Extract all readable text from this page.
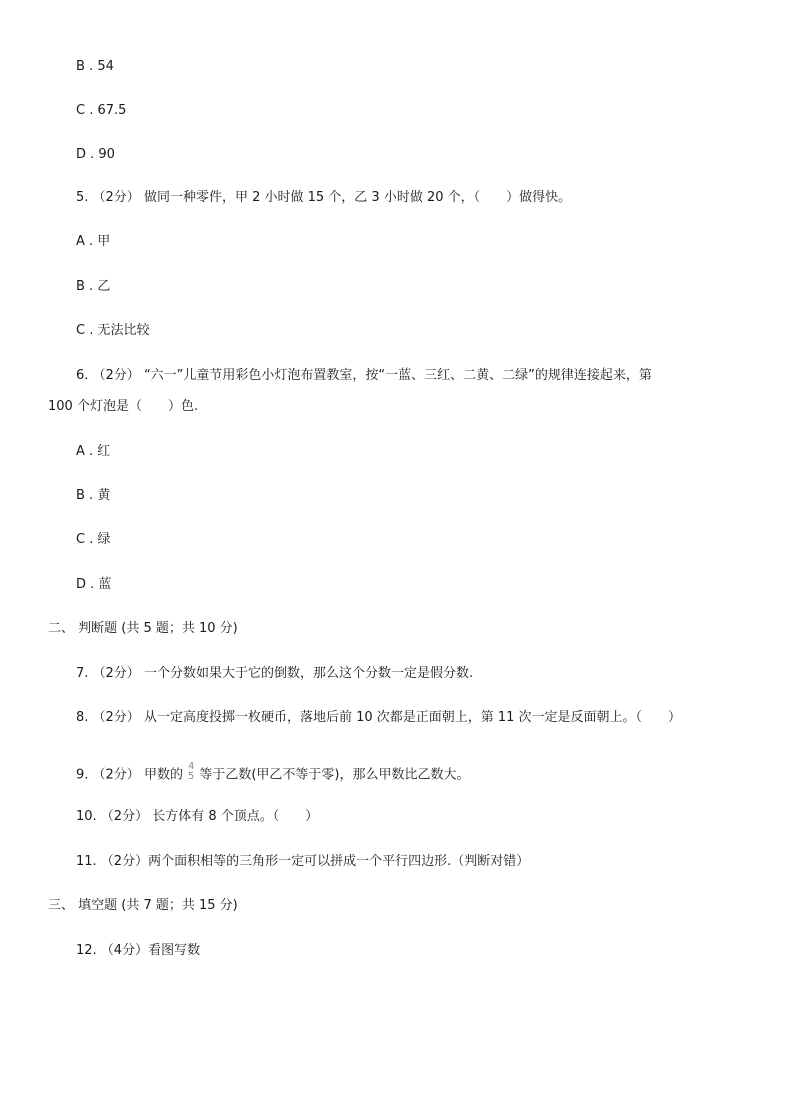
B . 54
C . 67.5
D . 90
5. （2分） 做同一种零件，甲 2 小时做 15 个，乙 3 小时做 20 个，（　　）做得快。
A . 甲
B . 乙
C . 无法比较
6. （2分） “六一”儿童节用彩色小灯泡布置教室，按“一蓝、三红、二黄、二绿”的规律连接起来，第
100 个灯泡是（　　）色.
A . 红
B . 黄
C . 绿
D . 蓝
二、 判断题 (共 5 题；共 10 分)
7. （2分） 一个分数如果大于它的倒数，那么这个分数一定是假分数.
8. （2分） 从一定高度投掷一枚硬币，落地后前 10 次都是正面朝上，第 11 次一定是反面朝上。（　　）
9. （2分） 甲数的
4
5 等于乙数(甲乙不等于零)，那么甲数比乙数大。
10. （2分） 长方体有 8 个顶点。（　　）
11. （2分）两个面积相等的三角形一定可以拼成一个平行四边形.（判断对错）
三、 填空题 (共 7 题；共 15 分)
12. （4分）看图写数
